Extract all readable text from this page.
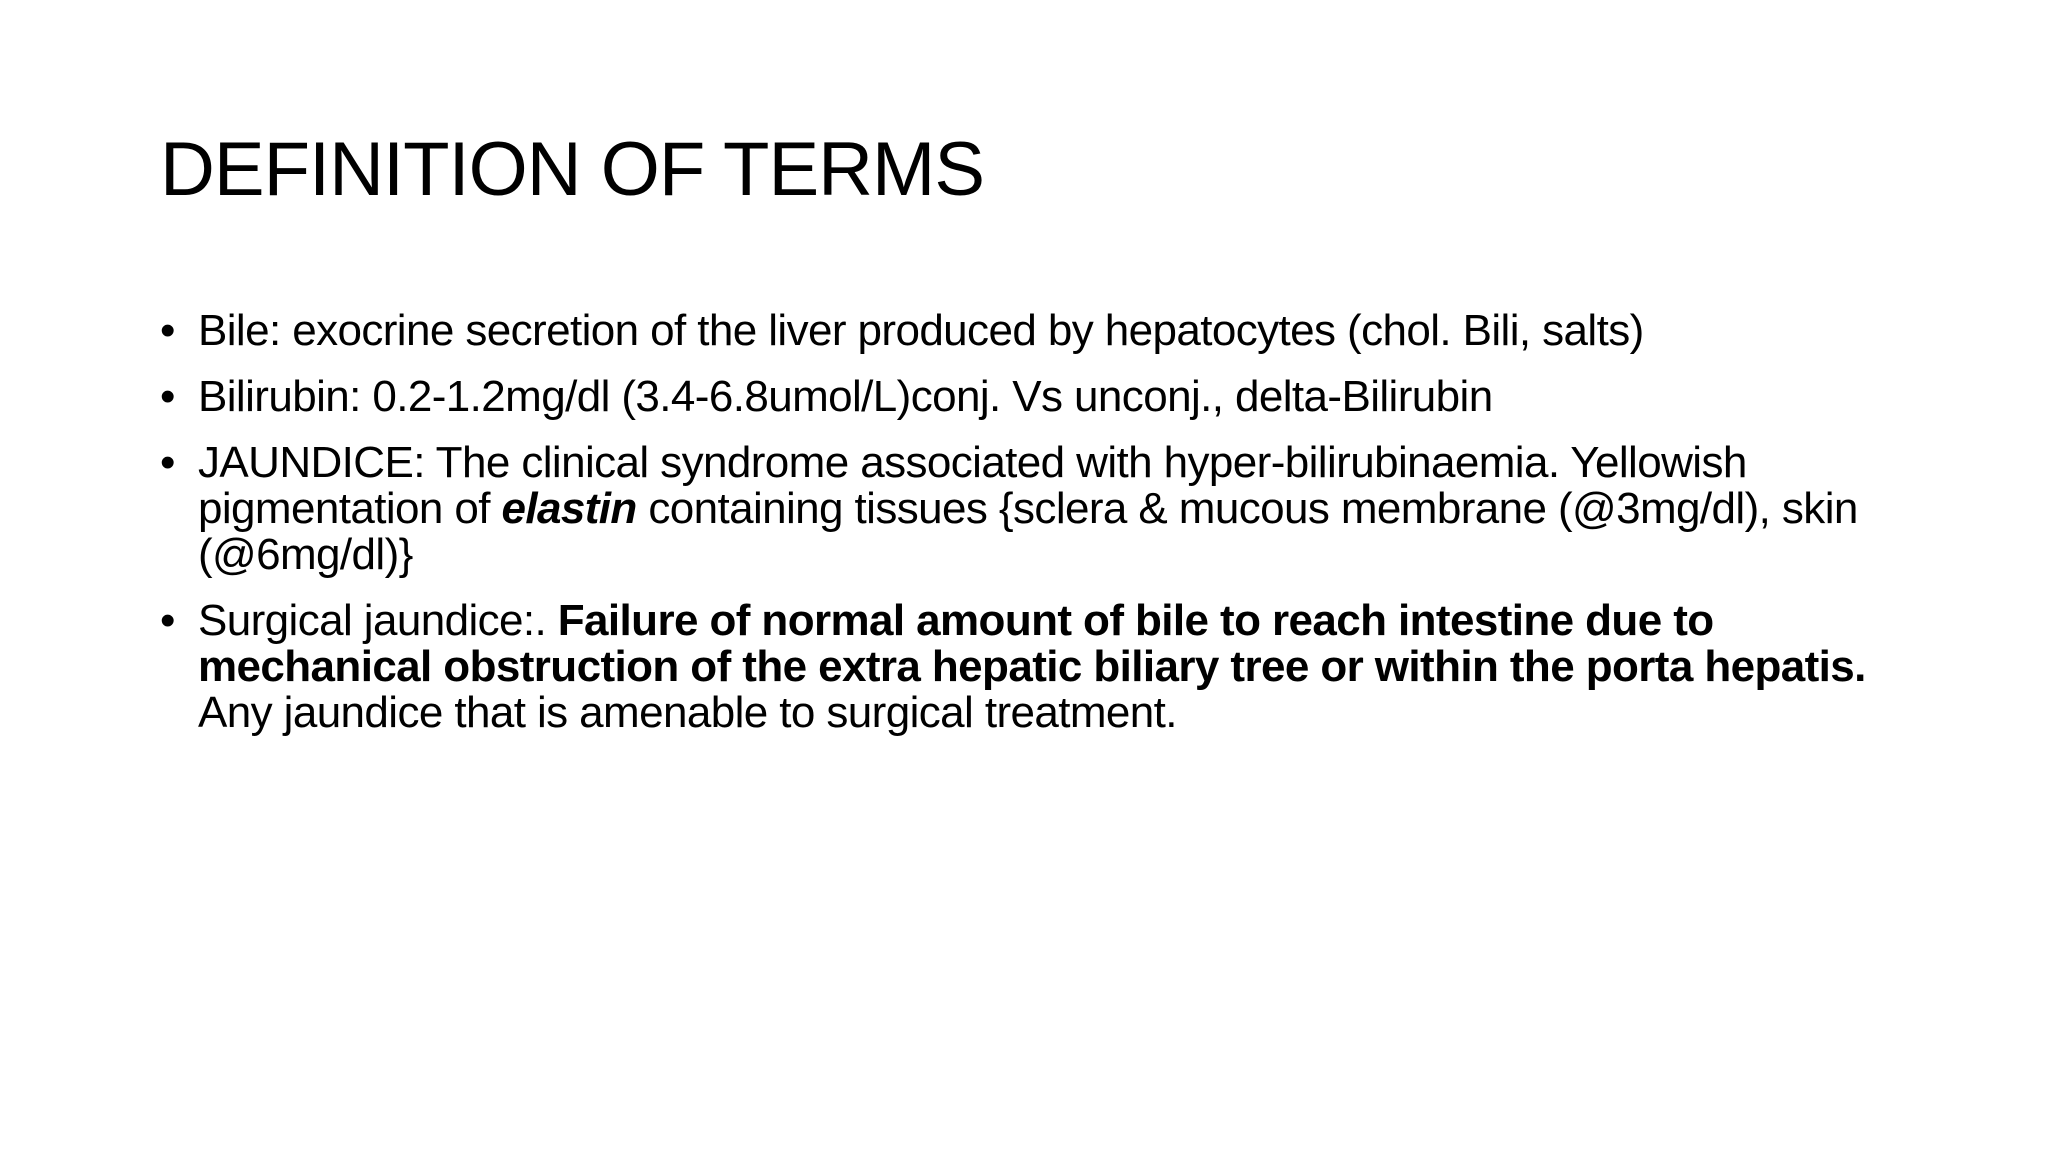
DEFINITION OF TERMS
• Bile: exocrine secretion of the liver produced by hepatocytes (chol. Bili, salts)
• Bilirubin: 0.2-1.2mg/dl (3.4-6.8umol/L)conj. Vs unconj., delta-Bilirubin
• JAUNDICE: The clinical syndrome associated with hyper-bilirubinaemia. Yellowish pigmentation of elastin containing tissues {sclera & mucous membrane (@3mg/dl), skin (@6mg/dl)}
• Surgical jaundice:. Failure of normal amount of bile to reach intestine due to mechanical obstruction of the extra hepatic biliary tree or within the porta hepatis. Any jaundice that is amenable to surgical treatment.
